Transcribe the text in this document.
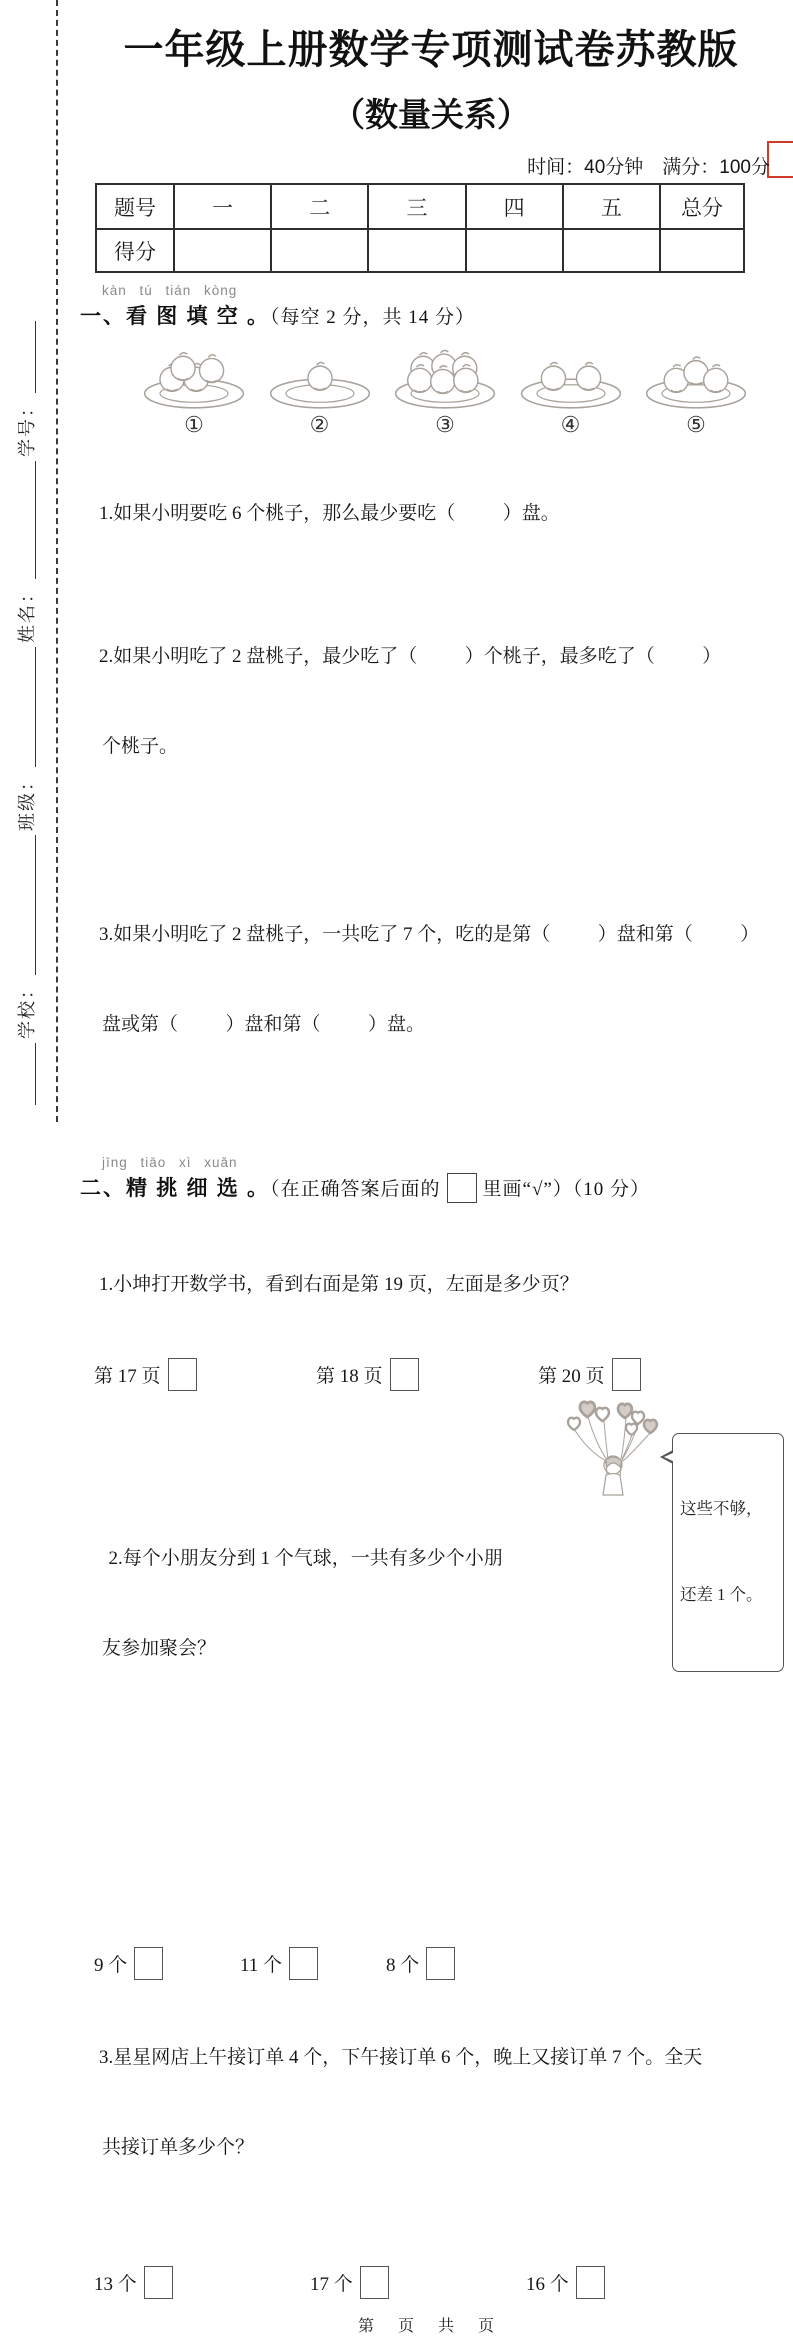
学校：
班级：
姓名：
学号：
一年级上册数学专项测试卷苏教版
（数量关系）
时间：40分钟　满分：100分
题号	一	二	三	四	五	总分
得分						
kàn tú tián kòng
一、看 图 填 空 。（每空 2 分，共 14 分）
①	②	③	④	⑤

1.如果小明要吃 6 个桃子，那么最少要吃（          ）盘。

2.如果小明吃了 2 盘桃子，最少吃了（          ）个桃子，最多吃了（          ）

个桃子。

3.如果小明吃了 2 盘桃子，一共吃了 7 个，吃的是第（          ）盘和第（          ）

盘或第（          ）盘和第（          ）盘。

jīng tiāo xì xuǎn
二、精 挑 细 选 。（在正确答案后面的 里画“√”）（10 分）

1.小坤打开数学书，看到右面是第 19 页，左面是多少页？

第 17 页	第 18 页	第 20 页

2.每个小朋友分到 1 个气球，一共有多少个小朋

友参加聚会？

这些不够，

还差 1 个。

9 个	11 个	8 个

3.星星网店上午接订单 4 个，下午接订单 6 个，晚上又接订单 7 个。全天

共接订单多少个？

13 个	17 个	16 个
第 页 共 页
